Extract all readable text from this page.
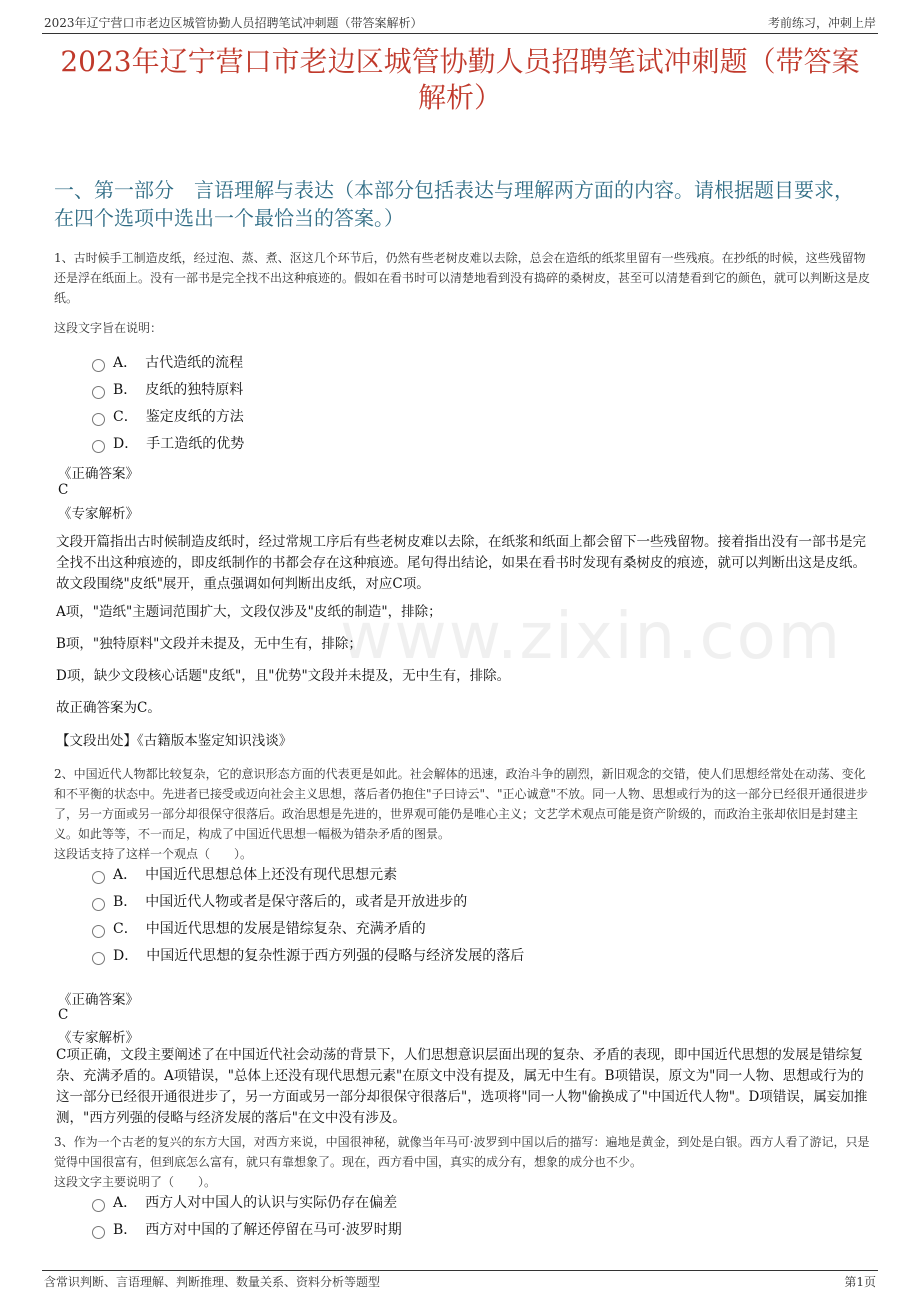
2023年辽宁营口市老边区城管协勤人员招聘笔试冲刺题（带答案解析）	考前练习，冲刺上岸
2023年辽宁营口市老边区城管协勤人员招聘笔试冲刺题（带答案解析）
一、第一部分　言语理解与表达（本部分包括表达与理解两方面的内容。请根据题目要求，在四个选项中选出一个最恰当的答案。）
www.zixin.com
1、古时候手工制造皮纸，经过泡、蒸、煮、沤这几个环节后，仍然有些老树皮难以去除，总会在造纸的纸浆里留有一些残痕。在抄纸的时候，这些残留物还是浮在纸面上。没有一部书是完全找不出这种痕迹的。假如在看书时可以清楚地看到没有捣碎的桑树皮，甚至可以清楚看到它的颜色，就可以判断这是皮纸。
这段文字旨在说明：
A． 古代造纸的流程
B． 皮纸的独特原料
C． 鉴定皮纸的方法
D． 手工造纸的优势
《正确答案》
C
《专家解析》
文段开篇指出古时候制造皮纸时，经过常规工序后有些老树皮难以去除，在纸浆和纸面上都会留下一些残留物。接着指出没有一部书是完全找不出这种痕迹的，即皮纸制作的书都会存在这种痕迹。尾句得出结论，如果在看书时发现有桑树皮的痕迹，就可以判断出这是皮纸。故文段围绕"皮纸"展开，重点强调如何判断出皮纸，对应C项。
A项，"造纸"主题词范围扩大，文段仅涉及"皮纸的制造"，排除；
B项，"独特原料"文段并未提及，无中生有，排除；
D项，缺少文段核心话题"皮纸"，且"优势"文段并未提及，无中生有，排除。
故正确答案为C。
【文段出处】《古籍版本鉴定知识浅谈》
2、中国近代人物都比较复杂，它的意识形态方面的代表更是如此。社会解体的迅速，政治斗争的剧烈，新旧观念的交错，使人们思想经常处在动荡、变化和不平衡的状态中。先进者已接受或迈向社会主义思想，落后者仍抱住"子曰诗云"、"正心诚意"不放。同一人物、思想或行为的这一部分已经很开通很进步了，另一方面或另一部分却很保守很落后。政治思想是先进的，世界观可能仍是唯心主义；文艺学术观点可能是资产阶级的，而政治主张却依旧是封建主义。如此等等，不一而足，构成了中国近代思想一幅极为错杂矛盾的图景。
这段话支持了这样一个观点（　　）。
A． 中国近代思想总体上还没有现代思想元素
B． 中国近代人物或者是保守落后的，或者是开放进步的
C． 中国近代思想的发展是错综复杂、充满矛盾的
D． 中国近代思想的复杂性源于西方列强的侵略与经济发展的落后
《正确答案》
C
《专家解析》
C项正确，文段主要阐述了在中国近代社会动荡的背景下，人们思想意识层面出现的复杂、矛盾的表现，即中国近代思想的发展是错综复杂、充满矛盾的。A项错误，"总体上还没有现代思想元素"在原文中没有提及，属无中生有。B项错误，原文为"同一人物、思想或行为的这一部分已经很开通很进步了，另一方面或另一部分却很保守很落后"，选项将"同一人物"偷换成了"中国近代人物"。D项错误，属妄加推测，"西方列强的侵略与经济发展的落后"在文中没有涉及。
3、作为一个古老的复兴的东方大国，对西方来说，中国很神秘，就像当年马可·波罗到中国以后的描写：遍地是黄金，到处是白银。西方人看了游记，只是觉得中国很富有，但到底怎么富有，就只有靠想象了。现在，西方看中国，真实的成分有，想象的成分也不少。
这段文字主要说明了（　　）。
A． 西方人对中国人的认识与实际仍存在偏差
B． 西方对中国的了解还停留在马可·波罗时期
含常识判断、言语理解、判断推理、数量关系、资料分析等题型	第1页
